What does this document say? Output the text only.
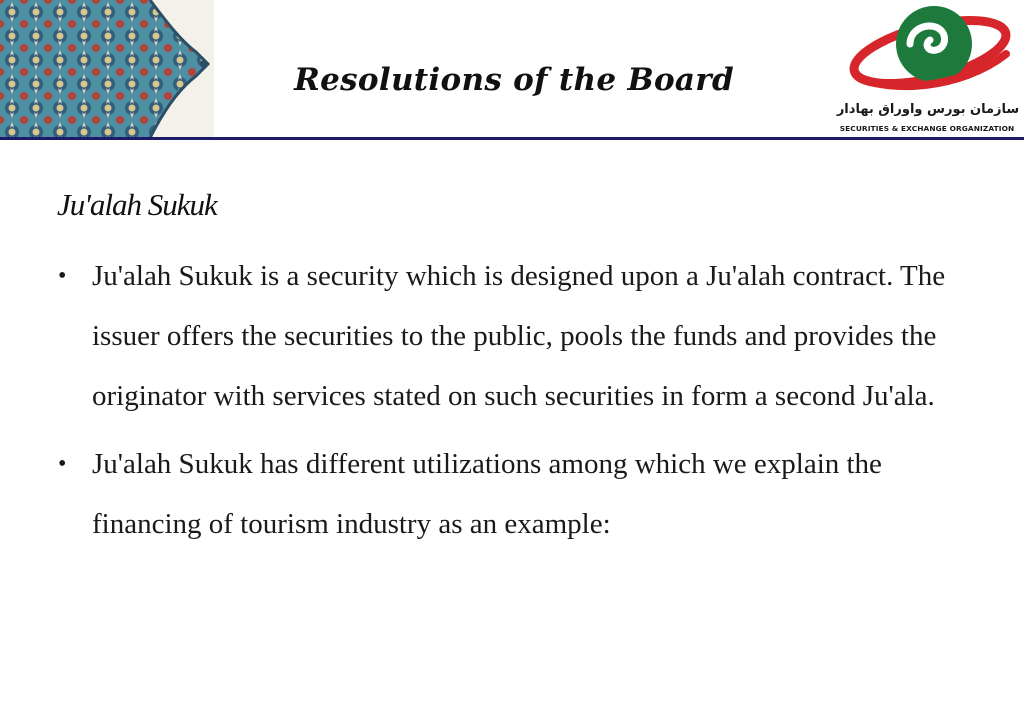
Resolutions of the Board
سازمان بورس واوراق بهادار
SECURITIES & EXCHANGE ORGANIZATION
Ju'alah Sukuk
• Ju'alah Sukuk is a security which is designed upon a Ju'alah contract. The issuer offers the securities to the public, pools the funds and provides the originator with services stated on such securities in form a second Ju'ala.
• Ju'alah Sukuk has different utilizations among which we explain the financing of tourism industry as an example:
